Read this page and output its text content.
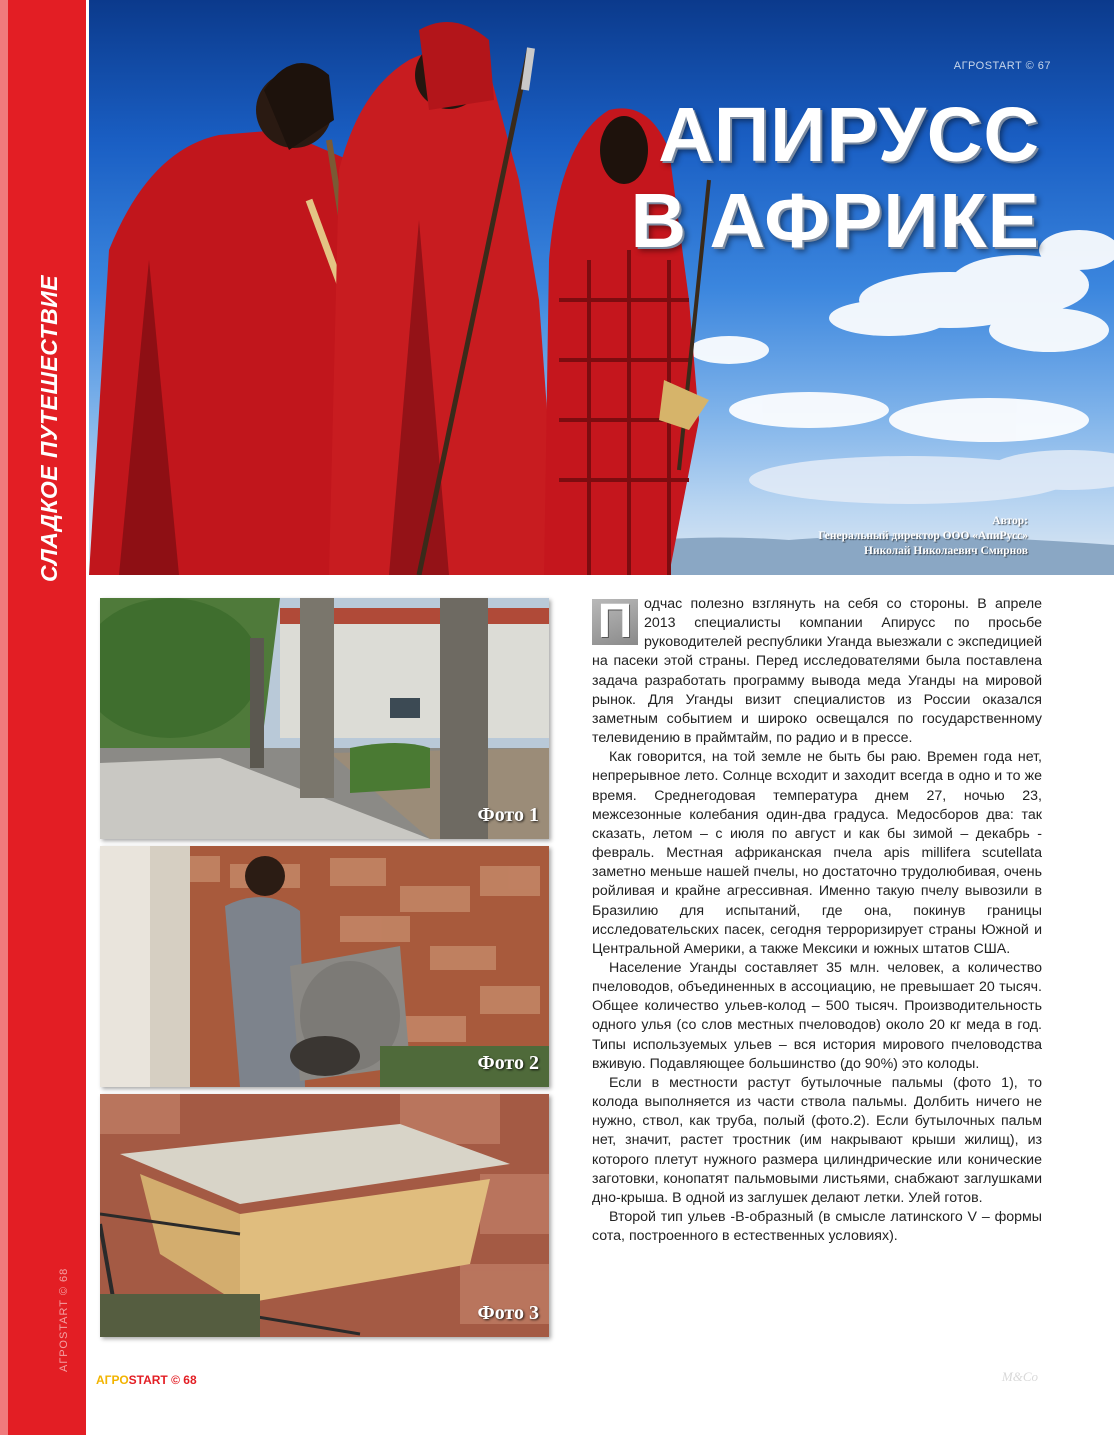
СЛАДКОЕ ПУТЕШЕСТВИЕ
АГРОSTART © 68
АГРОSTART © 67
АПИРУСС
В АФРИКЕ
Автор:
Генеральный директор ООО «АпиРусс»
Николай Николаевич Смирнов
Фото 1
Фото 2
Фото 3
П одчас полезно взглянуть на себя со стороны. В апреле 2013 специалисты компании Апирусс по просьбе руководителей республики Уганда выезжали с экспедицией на пасеки этой страны. Перед исследователями была поставлена задача разработать программу вывода меда Уганды на мировой рынок. Для Уганды визит специалистов из России оказался заметным событием и широко освещался по государственному телевидению в праймтайм, по радио и в прессе.

Как говорится, на той земле не быть бы раю. Времен года нет, непрерывное лето. Солнце всходит и заходит всегда в одно и то же время. Среднегодовая температура днем 27, ночью 23, межсезонные колебания один-два градуса. Медосборов два: так сказать, летом – с июля по август и как бы зимой – декабрь - февраль. Местная африканская пчела apis millifera scutellata заметно меньше нашей пчелы, но достаточно трудолюбивая, очень ройливая и крайне агрессивная. Именно такую пчелу вывозили в Бразилию для испытаний, где она, покинув границы исследовательских пасек, сегодня терроризирует страны Южной и Центральной Америки, а также Мексики и южных штатов США.

Население Уганды составляет 35 млн. человек, а количество пчеловодов, объединенных в ассоциацию, не превышает 20 тысяч. Общее количество ульев-колод – 500 тысяч. Производительность одного улья (со слов местных пчеловодов) около 20 кг меда в год. Типы используемых ульев – вся история мирового пчеловодства вживую. Подавляющее большинство (до 90%) это колоды.

Если в местности растут бутылочные пальмы (фото 1), то колода выполняется из части ствола пальмы. Долбить ничего не нужно, ствол, как труба, полый (фото.2). Если бутылочных пальм нет, значит, растет тростник (им накрывают крыши жилищ), из которого плетут нужного размера цилиндрические или конические заготовки, конопатят пальмовыми листьями, снабжают заглушками дно-крыша. В одной из заглушек делают летки. Улей готов.

Второй тип ульев -В-образный (в смысле латинского V – формы сота, построенного в естественных условиях).

АГРОSTART © 68	M&Co
